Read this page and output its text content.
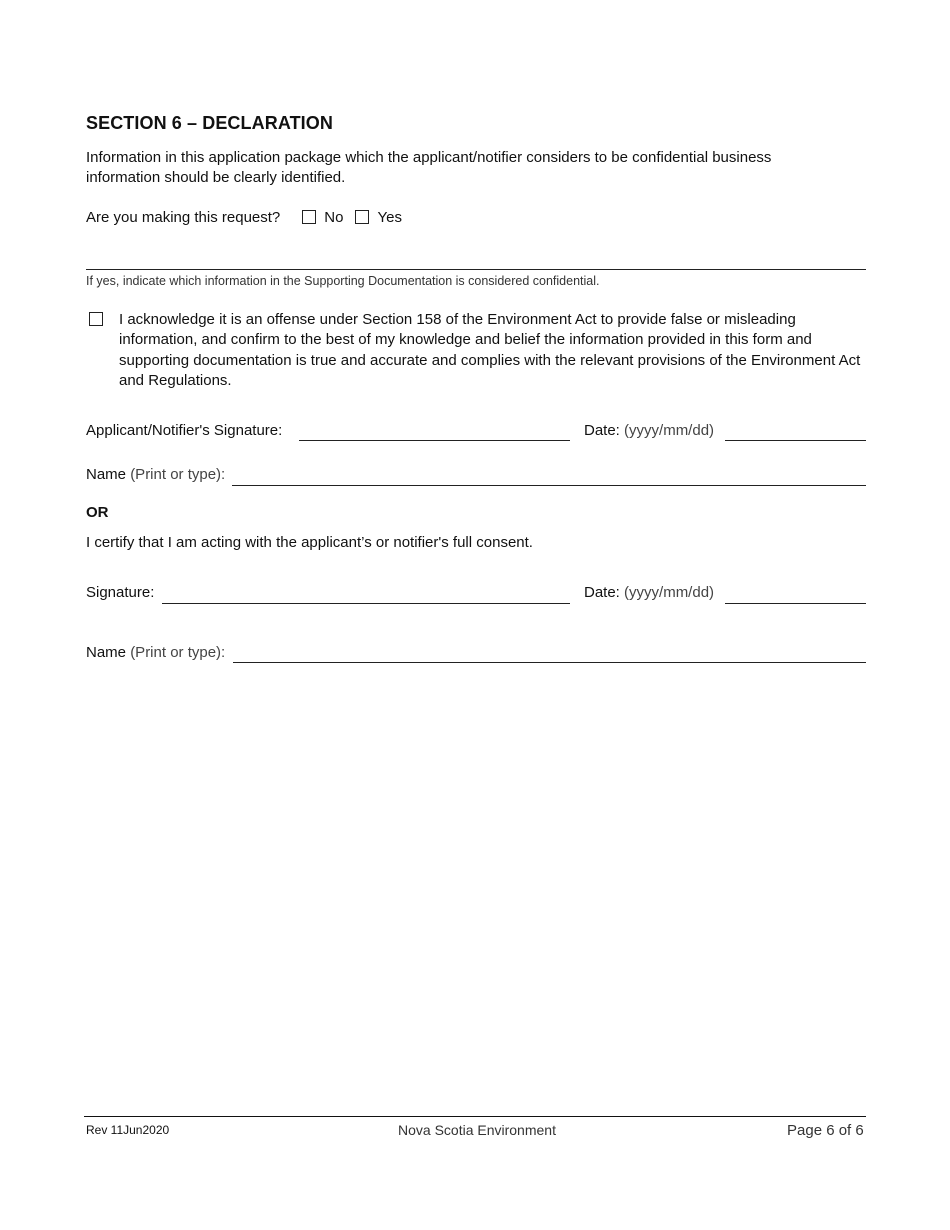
SECTION 6 – DECLARATION
Information in this application package which the applicant/notifier considers to be confidential business information should be clearly identified.
Are you making this request?	No Yes
If yes, indicate which information in the Supporting Documentation is considered confidential.
I acknowledge it is an offense under Section 158 of the Environment Act to provide false or misleading information, and confirm to the best of my knowledge and belief the information provided in this form and supporting documentation is true and accurate and complies with the relevant provisions of the Environment Act and Regulations.
Applicant/Notifier's Signature:	Date: (yyyy/mm/dd)
Name (Print or type):
OR
I certify that I am acting with the applicant’s or notifier's full consent.
Signature:	Date: (yyyy/mm/dd)
Name (Print or type):
Rev 11Jun2020	Nova Scotia Environment	Page 6 of 6
